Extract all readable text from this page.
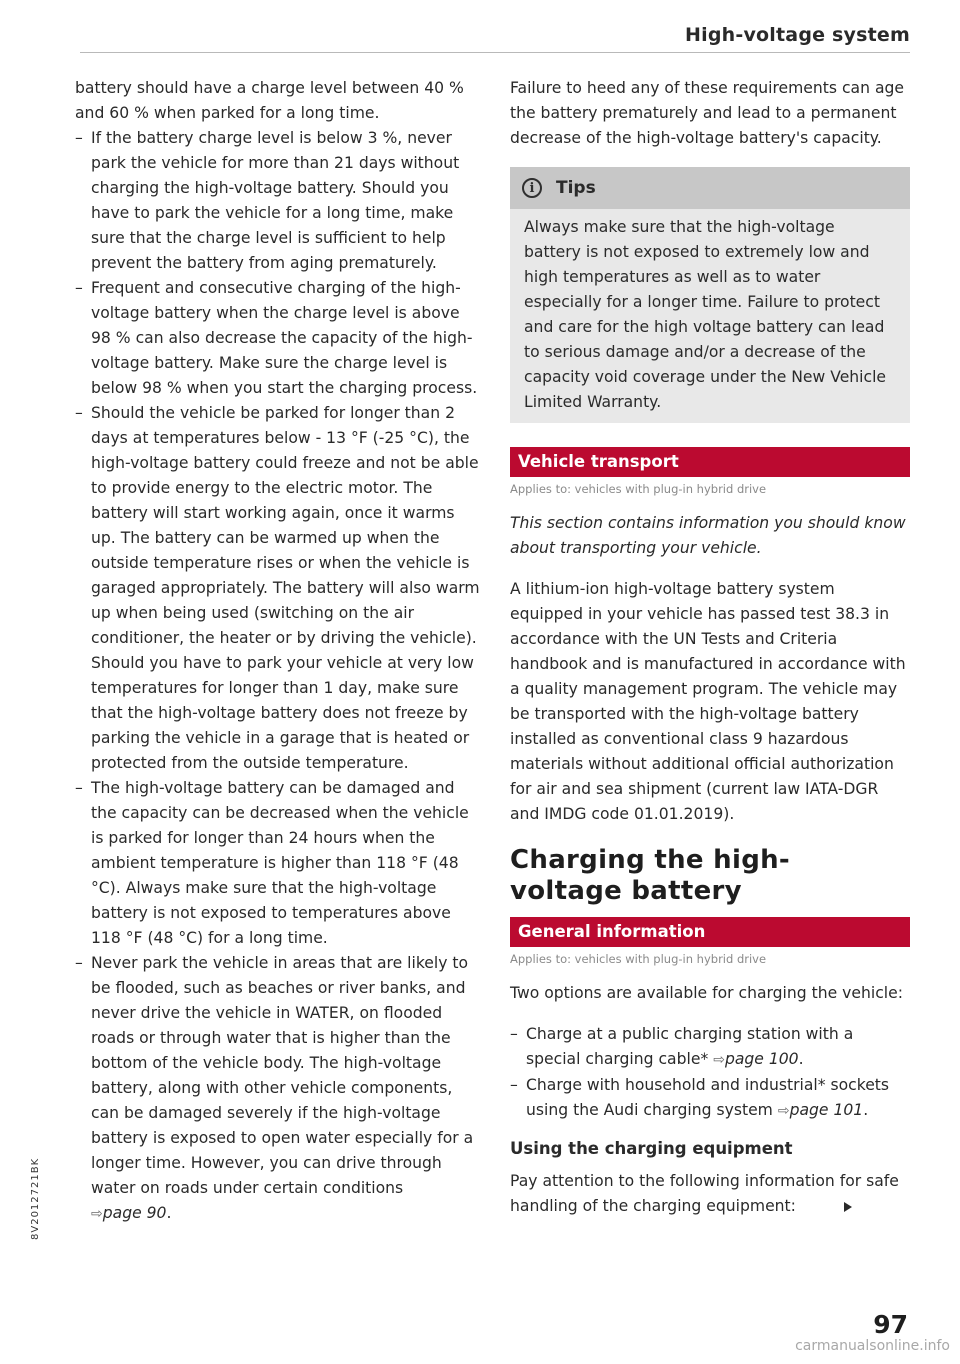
High-voltage system

battery should have a charge level between 40 % and 60 % when parked for a long time.

– If the battery charge level is below 3 %, never park the vehicle for more than 21 days without charging the high-voltage battery. Should you have to park the vehicle for a long time, make sure that the charge level is sufficient to help prevent the battery from aging prematurely.
– Frequent and consecutive charging of the high-voltage battery when the charge level is above 98 % can also decrease the capacity of the high-voltage battery. Make sure the charge level is below 98 % when you start the charging process.
– Should the vehicle be parked for longer than 2 days at temperatures below - 13 °F (-25 °C), the high-voltage battery could freeze and not be able to provide energy to the electric motor. The battery will start working again, once it warms up. The battery can be warmed up when the outside temperature rises or when the vehicle is garaged appropriately. The battery will also warm up when being used (switching on the air conditioner, the heater or by driving the vehicle). Should you have to park your vehicle at very low temperatures for longer than 1 day, make sure that the high-voltage battery does not freeze by parking the vehicle in a garage that is heated or protected from the outside temperature.
– The high-voltage battery can be damaged and the capacity can be decreased when the vehicle is parked for longer than 24 hours when the ambient temperature is higher than 118 °F (48 °C). Always make sure that the high-voltage battery is not exposed to temperatures above 118 °F (48 °C) for a long time.
– Never park the vehicle in areas that are likely to be flooded, such as beaches or river banks, and never drive the vehicle in WATER, on flooded roads or through water that is higher than the bottom of the vehicle body. The high-voltage battery, along with other vehicle components, can be damaged severely if the high-voltage battery is exposed to open water especially for a longer time. However, you can drive through water on roads under certain conditions
⇨page 90.

Failure to heed any of these requirements can age the battery prematurely and lead to a permanent decrease of the high-voltage battery's capacity.

i	Tips
Always make sure that the high-voltage battery is not exposed to extremely low and high temperatures as well as to water especially for a longer time. Failure to protect and care for the high voltage battery can lead to serious damage and/or a decrease of the capacity void coverage under the New Vehicle Limited Warranty.
Vehicle transport
Applies to: vehicles with plug-in hybrid drive

This section contains information you should know about transporting your vehicle.

A lithium-ion high-voltage battery system equipped in your vehicle has passed test 38.3 in accordance with the UN Tests and Criteria handbook and is manufactured in accordance with a quality management program. The vehicle may be transported with the high-voltage battery installed as conventional class 9 hazardous materials without additional official authorization for air and sea shipment (current law IATA-DGR and IMDG code 01.01.2019).

Charging the high-
voltage battery
General information
Applies to: vehicles with plug-in hybrid drive

Two options are available for charging the vehicle:

– Charge at a public charging station with a special charging cable* ⇨page 100.
– Charge with household and industrial* sockets using the Audi charging system ⇨page 101.
Using the charging equipment

Pay attention to the following information for safe handling of the charging equipment:

97
8V2012721BK
carmanualsonline.info
